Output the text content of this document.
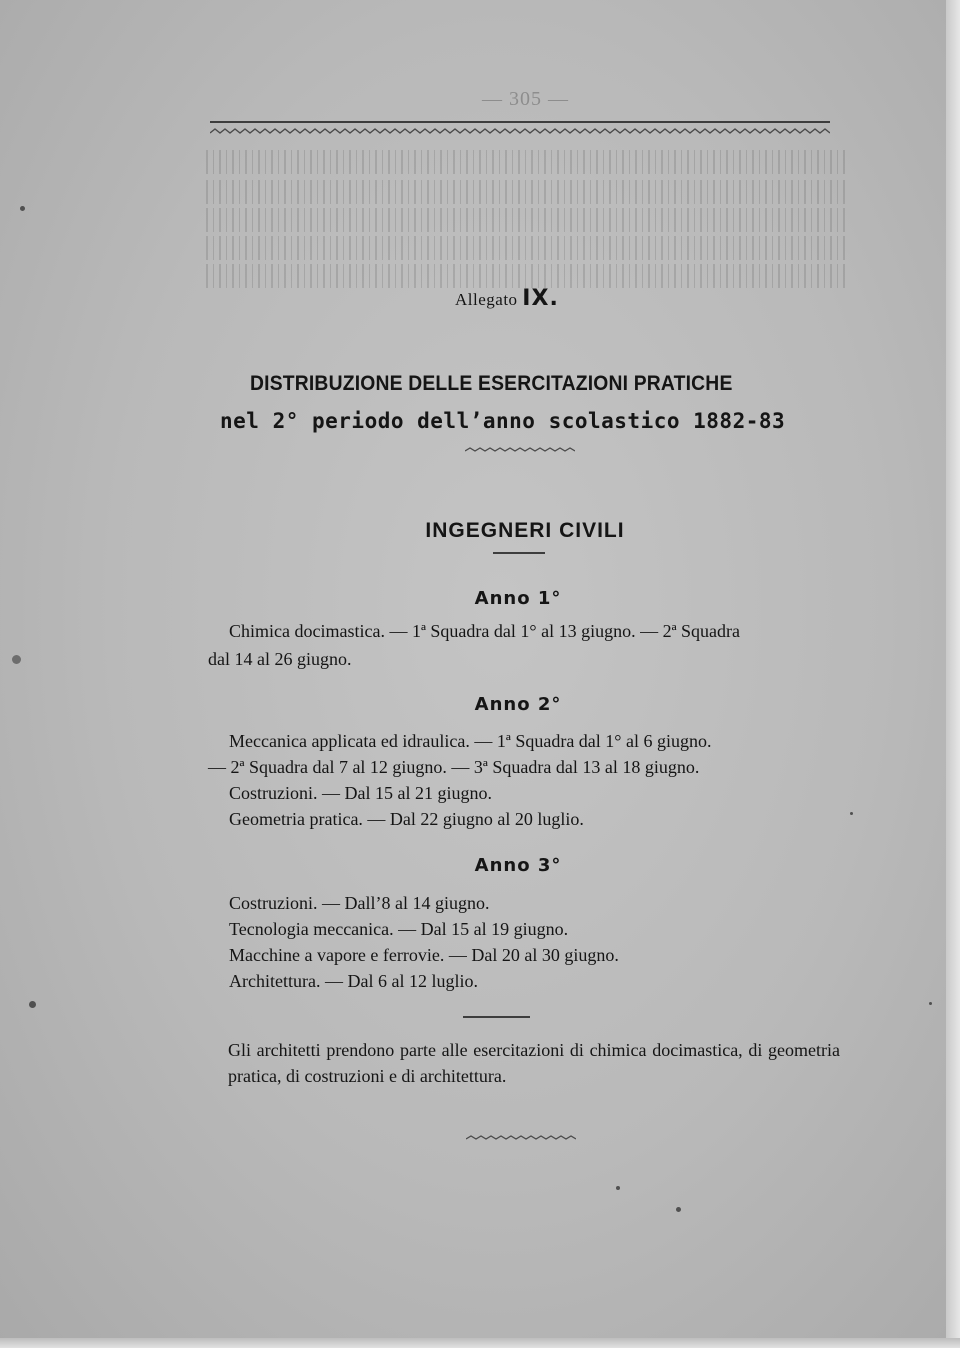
— 305 —
Allegato IX.
DISTRIBUZIONE DELLE ESERCITAZIONI PRATICHE
nel 2° periodo dell’anno scolastico 1882-83
INGEGNERI CIVILI
Anno 1°
Chimica docimastica. — 1ª Squadra dal 1° al 13 giugno. — 2ª Squadra
dal 14 al 26 giugno.
Anno 2°
Meccanica applicata ed idraulica. — 1ª Squadra dal 1° al 6 giugno.
— 2ª Squadra dal 7 al 12 giugno. — 3ª Squadra dal 13 al 18 giugno.
Costruzioni. — Dal 15 al 21 giugno.
Geometria pratica. — Dal 22 giugno al 20 luglio.
Anno 3°
Costruzioni. — Dall’8 al 14 giugno.
Tecnologia meccanica. — Dal 15 al 19 giugno.
Macchine a vapore e ferrovie. — Dal 20 al 30 giugno.
Architettura. — Dal 6 al 12 luglio.
Gli architetti prendono parte alle esercitazioni di chimica docimastica, di geometria pratica, di costruzioni e di architettura.
